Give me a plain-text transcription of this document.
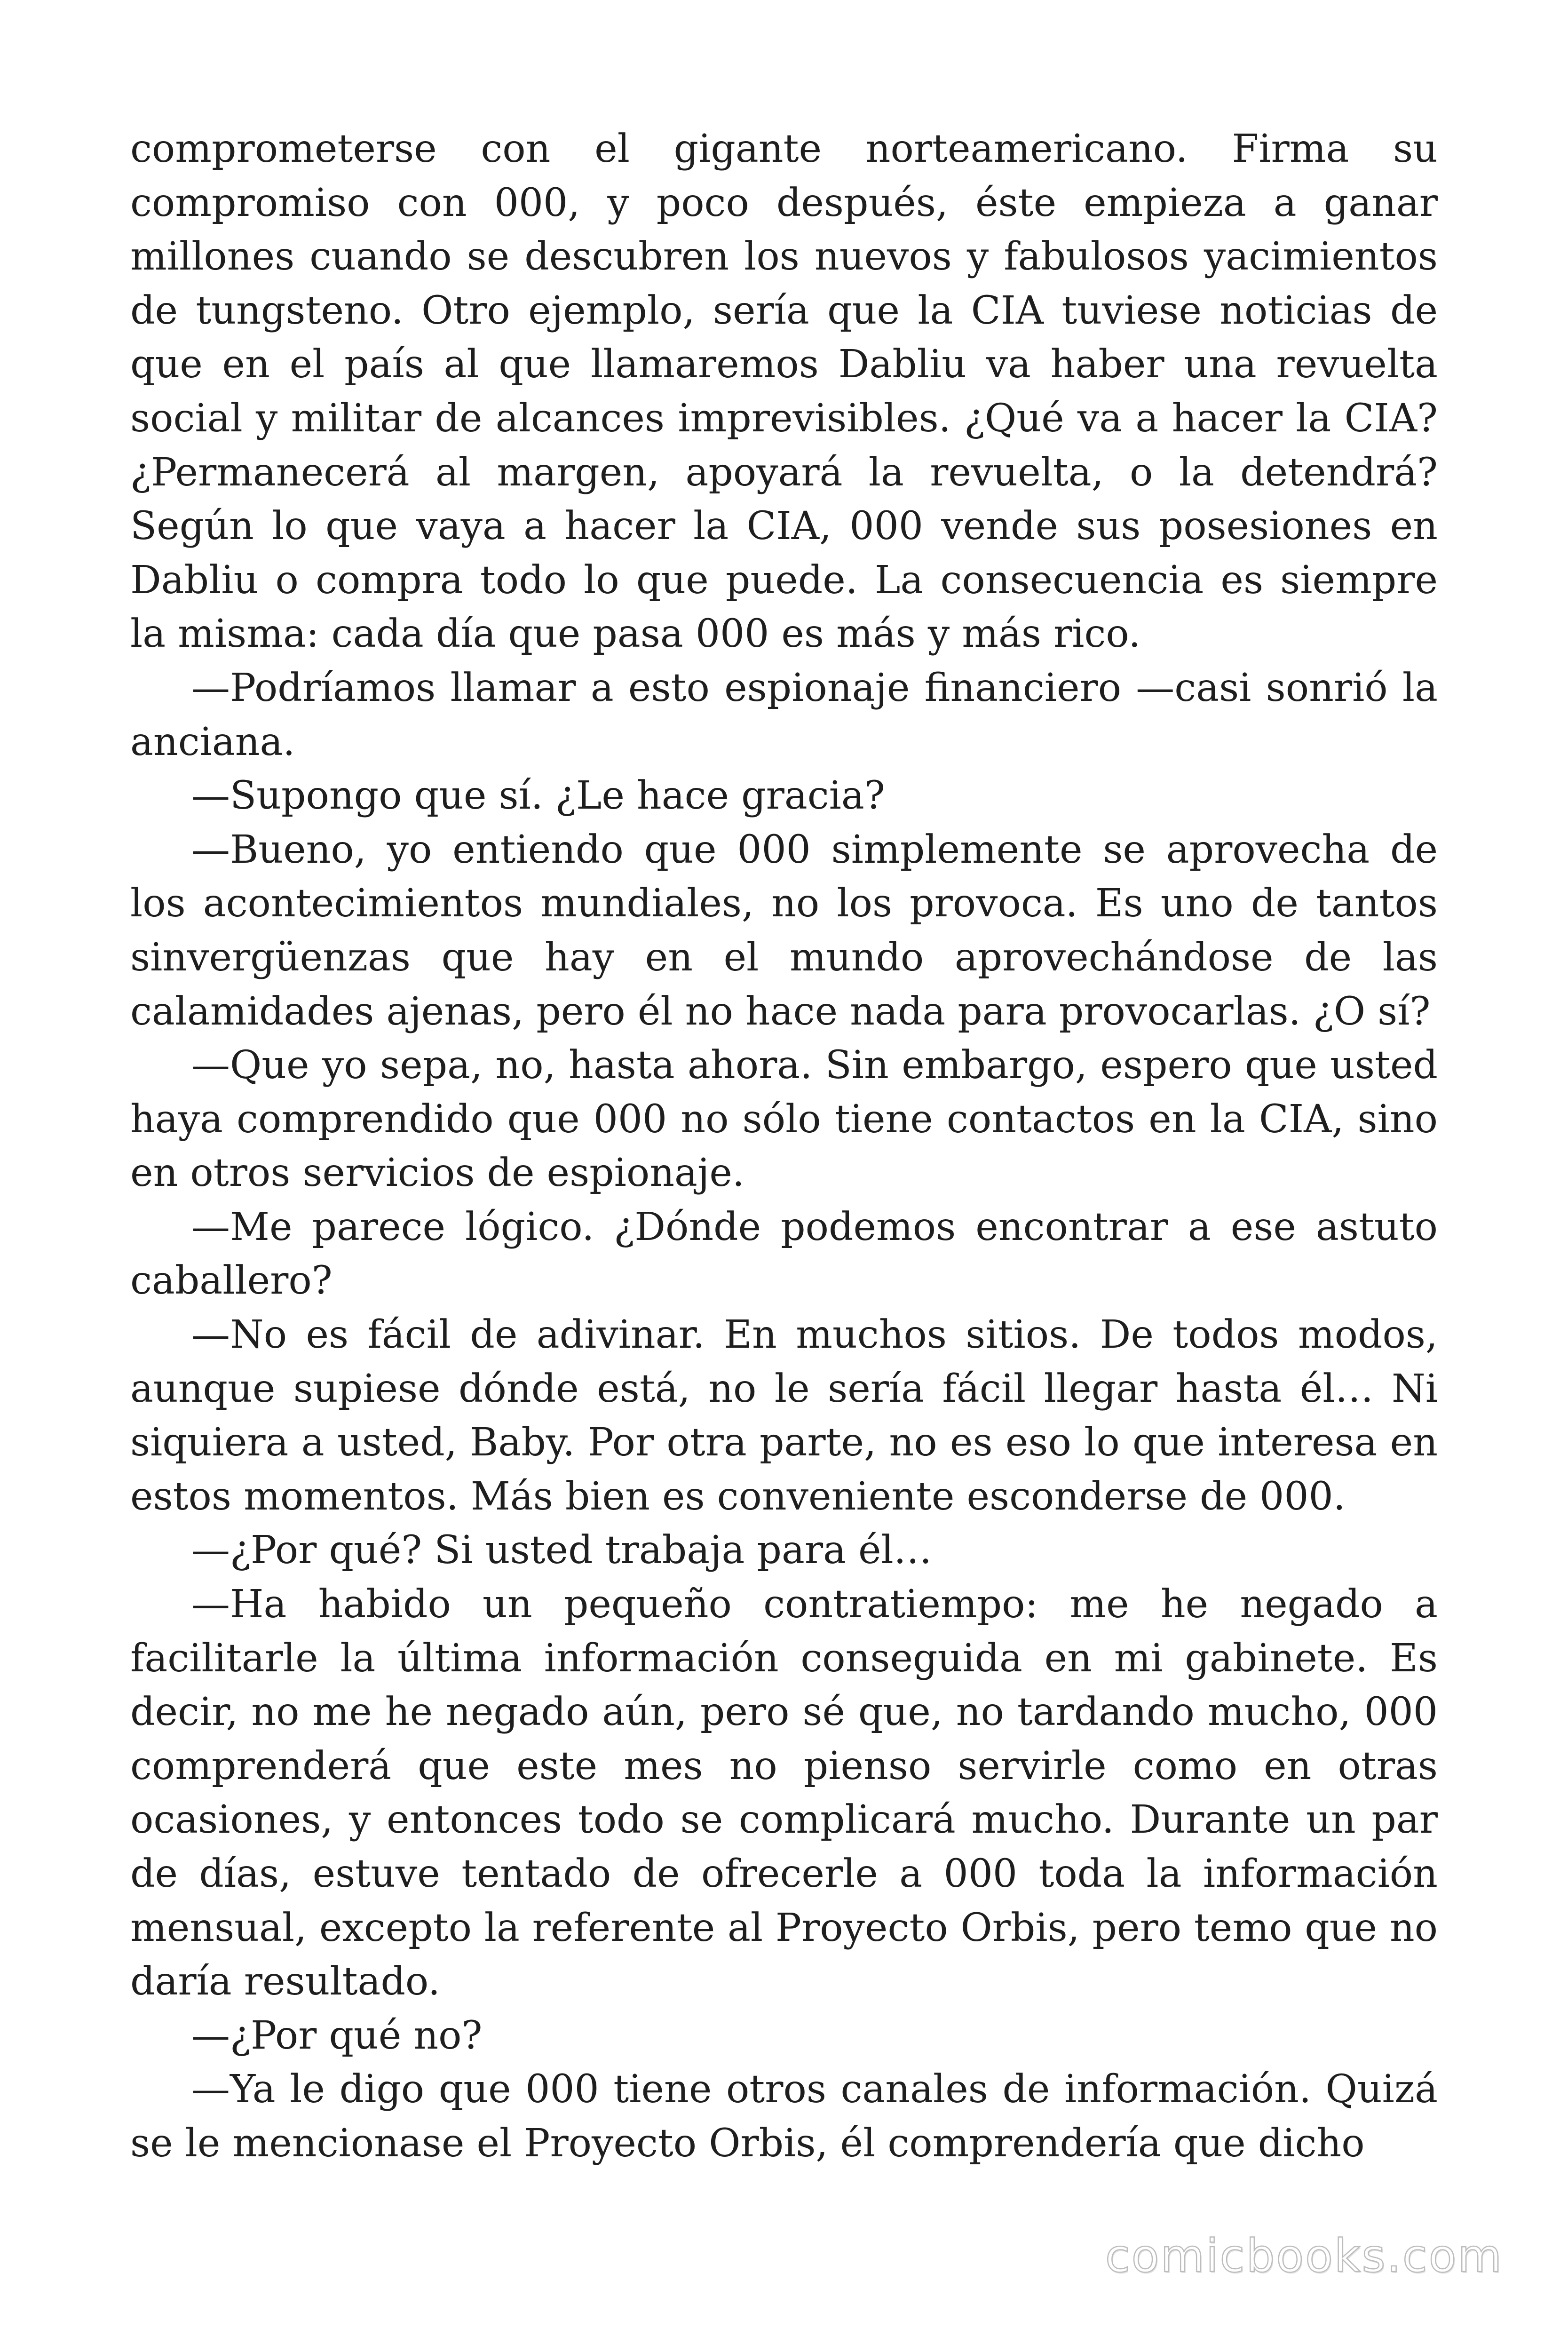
comprometerse con el gigante norteamericano. Firma su compromiso con 000, y poco después, éste empieza a ganar millones cuando se descubren los nuevos y fabulosos yacimientos de tungsteno. Otro ejemplo, sería que la CIA tuviese noticias de que en el país al que llamaremos Dabliu va haber una revuelta social y militar de alcances imprevisibles. ¿Qué va a hacer la CIA? ¿Permanecerá al margen, apoyará la revuelta, o la detendrá? Según lo que vaya a hacer la CIA, 000 vende sus posesiones en Dabliu o compra todo lo que puede. La consecuencia es siempre la misma: cada día que pasa 000 es más y más rico.

—Podríamos llamar a esto espionaje financiero —casi sonrió la anciana.

—Supongo que sí. ¿Le hace gracia?

—Bueno, yo entiendo que 000 simplemente se aprovecha de los acontecimientos mundiales, no los provoca. Es uno de tantos sinvergüenzas que hay en el mundo aprovechándose de las calamidades ajenas, pero él no hace nada para provocarlas. ¿O sí?

—Que yo sepa, no, hasta ahora. Sin embargo, espero que usted haya comprendido que 000 no sólo tiene contactos en la CIA, sino en otros servicios de espionaje.

—Me parece lógico. ¿Dónde podemos encontrar a ese astuto caballero?

—No es fácil de adivinar. En muchos sitios. De todos modos, aunque supiese dónde está, no le sería fácil llegar hasta él… Ni siquiera a usted, Baby. Por otra parte, no es eso lo que interesa en estos momentos. Más bien es conveniente esconderse de 000.

—¿Por qué? Si usted trabaja para él…

—Ha habido un pequeño contratiempo: me he negado a facilitarle la última información conseguida en mi gabinete. Es decir, no me he negado aún, pero sé que, no tardando mucho, 000 comprenderá que este mes no pienso servirle como en otras ocasiones, y entonces todo se complicará mucho. Durante un par de días, estuve tentado de ofrecerle a 000 toda la información mensual, excepto la referente al Proyecto Orbis, pero temo que no daría resultado.

—¿Por qué no?

—Ya le digo que 000 tiene otros canales de información. Quizá se le mencionase el Proyecto Orbis, él comprendería que dicho

comicbooks.com
